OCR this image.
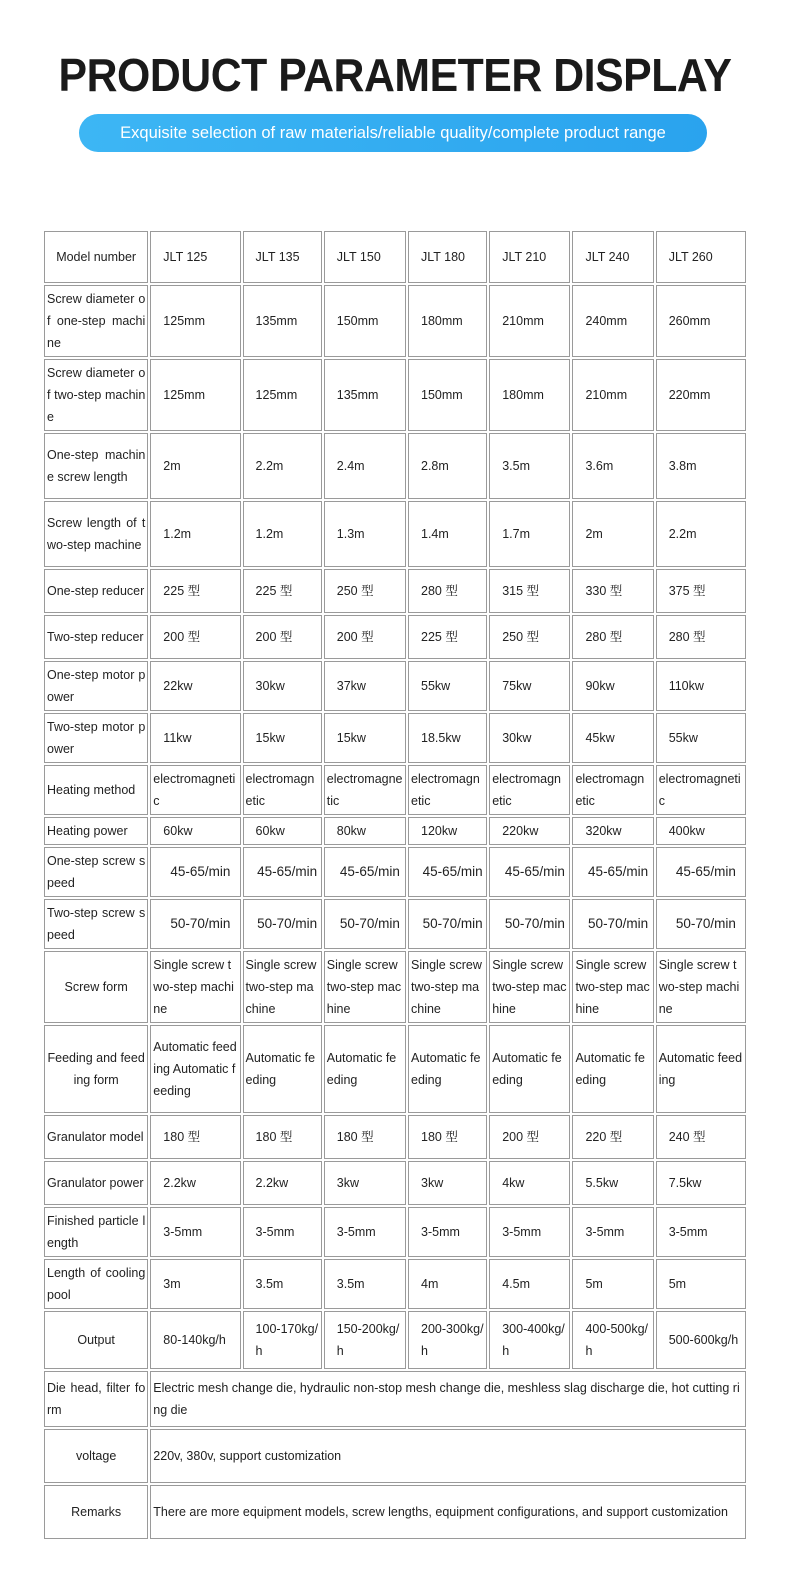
PRODUCT PARAMETER DISPLAY
Exquisite selection of raw materials/reliable quality/complete product range
Model number	JLT 125	JLT 135	JLT 150	JLT 180	JLT 210	JLT 240	JLT 260
Screw diameter of one-step machine	125mm	135mm	150mm	180mm	210mm	240mm	260mm
Screw diameter of two-step machine	125mm	125mm	135mm	150mm	180mm	210mm	220mm
One-step machine screw length	2m	2.2m	2.4m	2.8m	3.5m	3.6m	3.8m
Screw length of two-step machine	1.2m	1.2m	1.3m	1.4m	1.7m	2m	2.2m
One-step reducer	225 型	225 型	250 型	280 型	315 型	330 型	375 型
Two-step reducer	200 型	200 型	200 型	225 型	250 型	280 型	280 型
One-step motor power	22kw	30kw	37kw	55kw	75kw	90kw	110kw
Two-step motor power	11kw	15kw	15kw	18.5kw	30kw	45kw	55kw
Heating method	electromagnetic	electromagnetic	electromagnetic	electromagnetic	electromagnetic	electromagnetic	electromagnetic
Heating power	60kw	60kw	80kw	120kw	220kw	320kw	400kw
One-step screw speed	45-65/min	45-65/min	45-65/min	45-65/min	45-65/min	45-65/min	45-65/min
Two-step screw speed	50-70/min	50-70/min	50-70/min	50-70/min	50-70/min	50-70/min	50-70/min
Screw form	Single screw two-step machine	Single screw two-step machine	Single screw two-step machine	Single screw two-step machine	Single screw two-step machine	Single screw two-step machine	Single screw two-step machine
Feeding and feeding form	Automatic feeding Automatic feeding	Automatic feeding	Automatic feeding	Automatic feeding	Automatic feeding	Automatic feeding	Automatic feeding
Granulator model	180 型	180 型	180 型	180 型	200 型	220 型	240 型
Granulator power	2.2kw	2.2kw	3kw	3kw	4kw	5.5kw	7.5kw
Finished particle length	3-5mm	3-5mm	3-5mm	3-5mm	3-5mm	3-5mm	3-5mm
Length of cooling pool	3m	3.5m	3.5m	4m	4.5m	5m	5m
Output	80-140kg/h	100-170kg/h	150-200kg/h	200-300kg/h	300-400kg/h	400-500kg/h	500-600kg/h
Die head, filter form	Electric mesh change die, hydraulic non-stop mesh change die, meshless slag discharge die, hot cutting ring die						
voltage	220v, 380v, support customization						
Remarks	There are more equipment models, screw lengths, equipment configurations, and support customization						
